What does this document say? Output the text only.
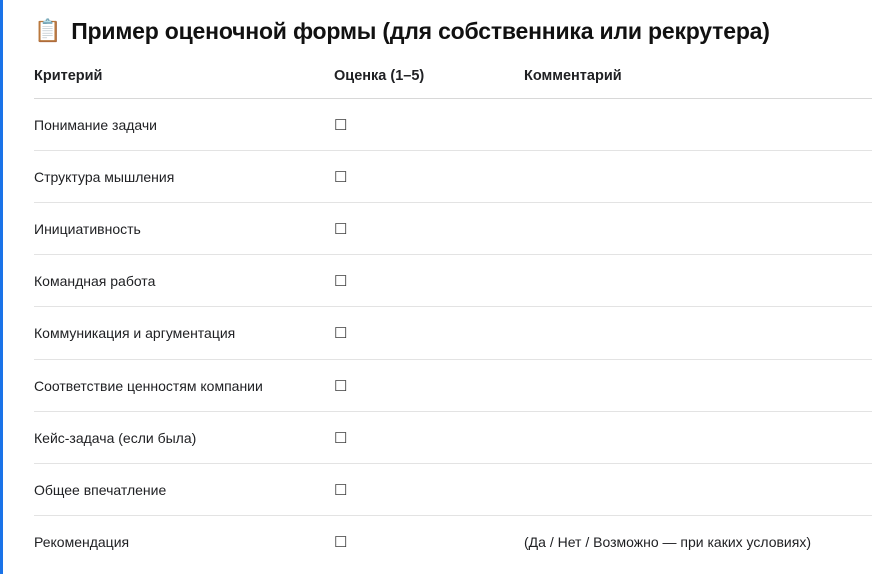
📋 Пример оценочной формы (для собственника или рекрутера)
Критерий	Оценка (1–5)	Комментарий
Понимание задачи	☐	
Структура мышления	☐	
Инициативность	☐	
Командная работа	☐	
Коммуникация и аргументация	☐	
Соответствие ценностям компании	☐	
Кейс-задача (если была)	☐	
Общее впечатление	☐	
Рекомендация	☐	(Да / Нет / Возможно — при каких условиях)
